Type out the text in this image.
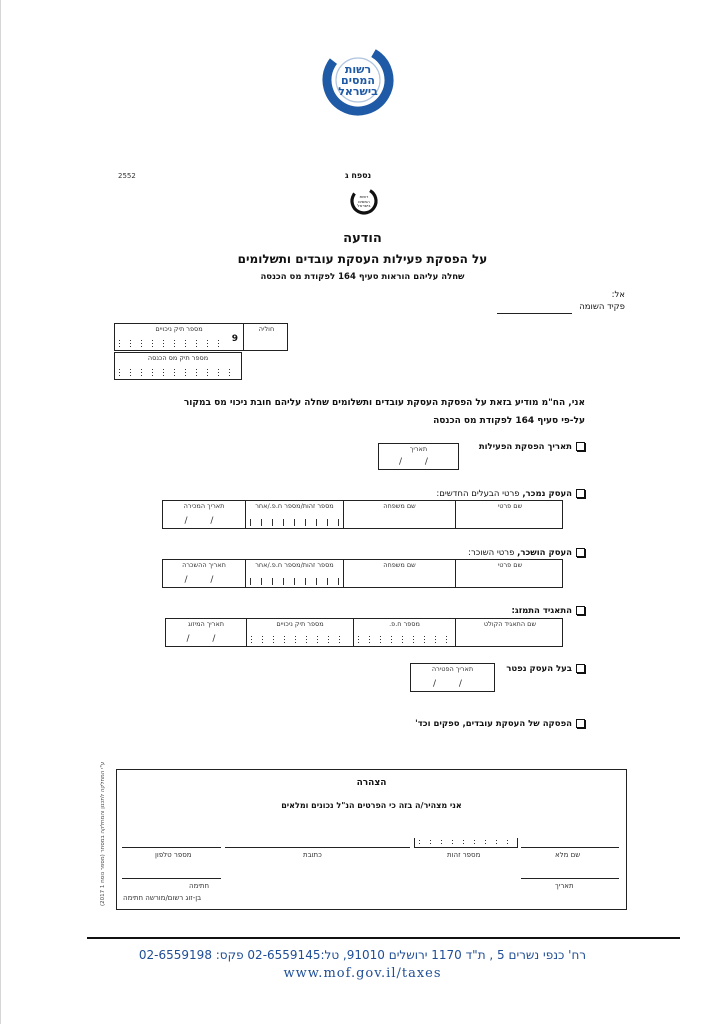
רשות
המסים
בישראל
2552	נספח ג
רשות
המסים
בישראל
הודעה
על הפסקת פעילות העסקת עובדים ותשלומים
שחלה עליהם הוראות סעיף 164 לפקודת מס הכנסה
אל:
פקיד השומה
חוליה
מספר תיק ניכויים
9
מספר תיק מס הכנסה
אני, הח"מ מודיע בזאת על הפסקת העסקת עובדים ותשלומים שחלה עליהם חובת ניכוי מס במקור
על-פי סעיף 164 לפקודת מס הכנסה
תאריך הפסקת הפעילות
תאריך
/ /
העסק נמכר, פרטי הבעלים החדשים:
שם פרטי
שם משפחה
מספר זהות/מספר ח.פ./אחר
תאריך המכירה
/ /
העסק הושכר, פרטי השוכר:
שם פרטי
שם משפחה
מספר זהות/מספר ח.פ./אחר
תאריך ההשכרה
/ /
התאגיד התמזג:
שם התאגיד הקולט
מספר ח.פ.
מספר תיק ניכויים
תאריך המיזוג
/ /
בעל העסק נפטר
תאריך הפטירה
/ /
הפסקה של העסקת עובדים, ספקים וכד'
ע"י המחלקה לתכנון והמחלקה במסחר (מספר נוסח 1 2017)	הצהרה
אני מצהיר/ה בזה כי הפרטים הנ"ל נכונים ומלאים
שם מלא
מספר זהות
כתובת
מספר טלפון
תאריך
חתימה
בן-זוג רשום/מורשה חתימה
רח' כנפי נשרים 5 , ת"ד 1170 ירושלים 91010, טל:02-6559145 פקס: 02-6559198
www.mof.gov.il/taxes
